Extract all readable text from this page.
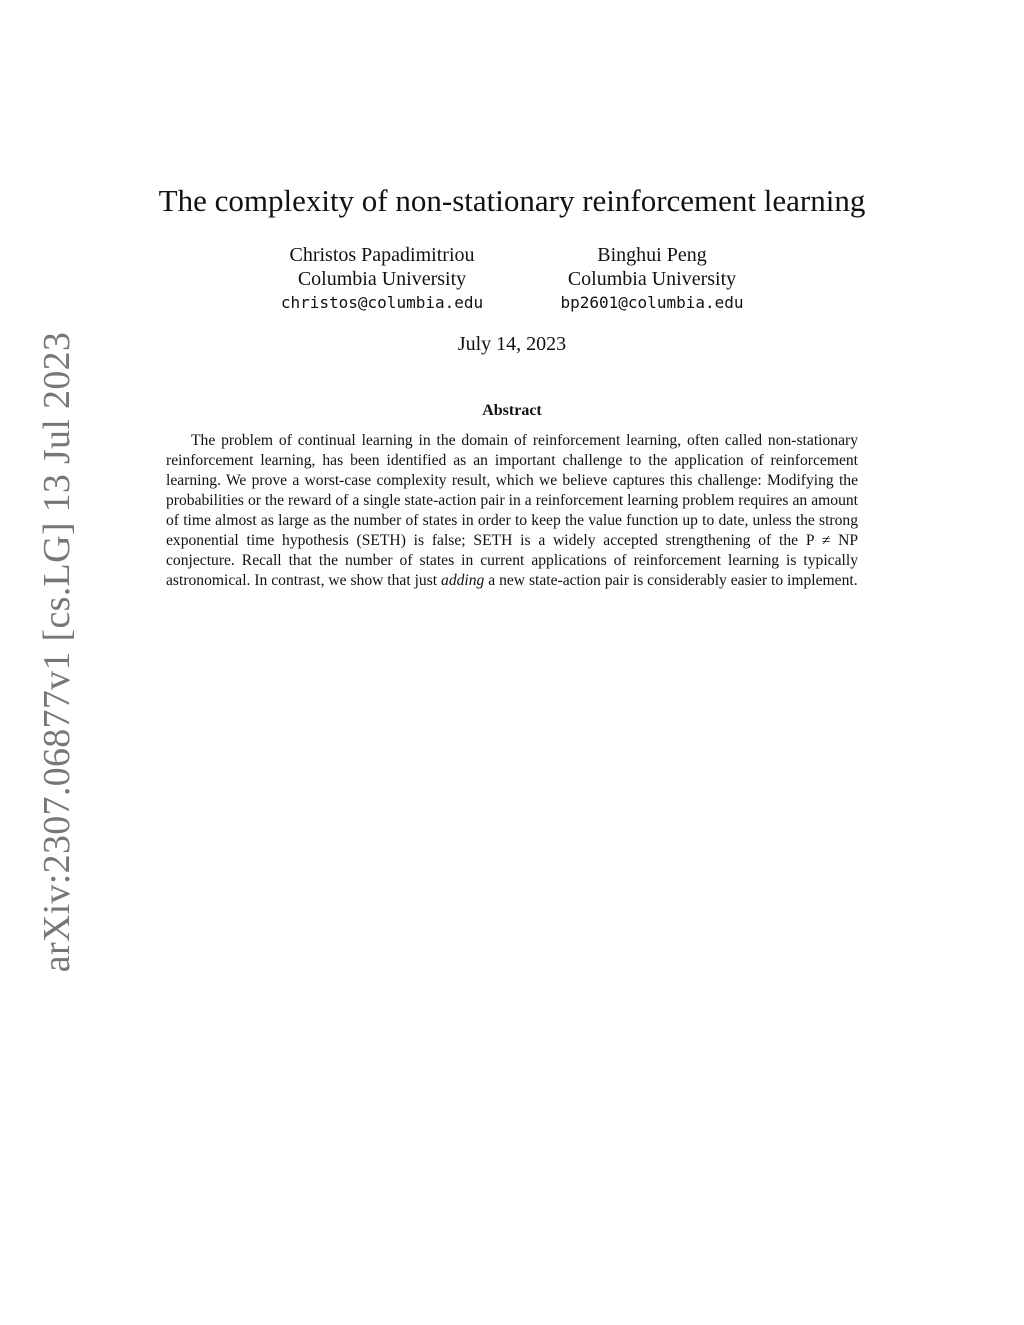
arXiv:2307.06877v1 [cs.LG] 13 Jul 2023
The complexity of non-stationary reinforcement learning
Christos Papadimitriou
Columbia University
christos@columbia.edu
Binghui Peng
Columbia University
bp2601@columbia.edu
July 14, 2023
Abstract

The problem of continual learning in the domain of reinforcement learning, often called non-stationary reinforcement learning, has been identified as an important challenge to the application of reinforcement learning. We prove a worst-case complexity result, which we believe captures this challenge: Modifying the probabilities or the reward of a single state-action pair in a reinforcement learning problem requires an amount of time almost as large as the number of states in order to keep the value function up to date, unless the strong exponential time hypothesis (SETH) is false; SETH is a widely accepted strengthening of the P ≠ NP conjecture. Recall that the number of states in current applications of reinforcement learning is typically astronomical. In contrast, we show that just adding a new state-action pair is considerably easier to implement.
